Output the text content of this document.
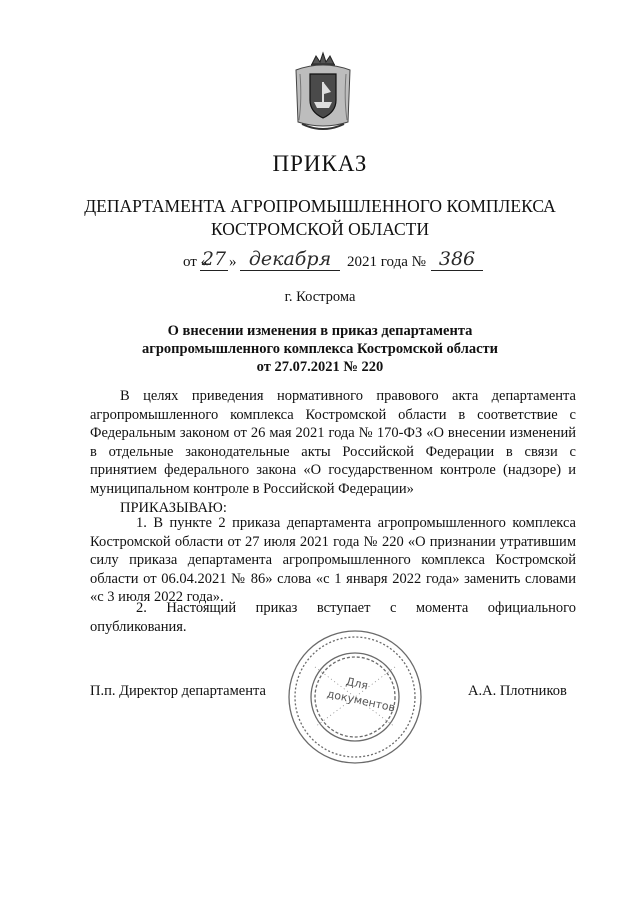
ПРИКАЗ
ДЕПАРТАМЕНТА АГРОПРОМЫШЛЕННОГО КОМПЛЕКСА
КОСТРОМСКОЙ ОБЛАСТИ
от «
27 » декабря	2021 года № 386
г. Кострома
О внесении изменения в приказ департамента
агропромышленного комплекса Костромской области
от 27.07.2021 № 220
В целях приведения нормативного правового акта департамента агропромышленного комплекса Костромской области в соответствие с Федеральным законом от 26 мая 2021 года № 170-ФЗ «О внесении изменений в отдельные законодательные акты Российской Федерации в связи с принятием федерального закона «О государственном контроле (надзоре) и муниципальном контроле в Российской Федерации»
ПРИКАЗЫВАЮ:
1. В пункте 2 приказа департамента агропромышленного комплекса Костромской области от 27 июля 2021 года № 220 «О признании утратившим силу приказа департамента агропромышленного комплекса Костромской области от 06.04.2021 № 86» слова «с 1 января 2022 года» заменить словами «с 3 июля 2022 года».
2. Настоящий приказ вступает с момента официального опубликования.
П.п. Директор департамента	А.А. Плотников
Для
документов
